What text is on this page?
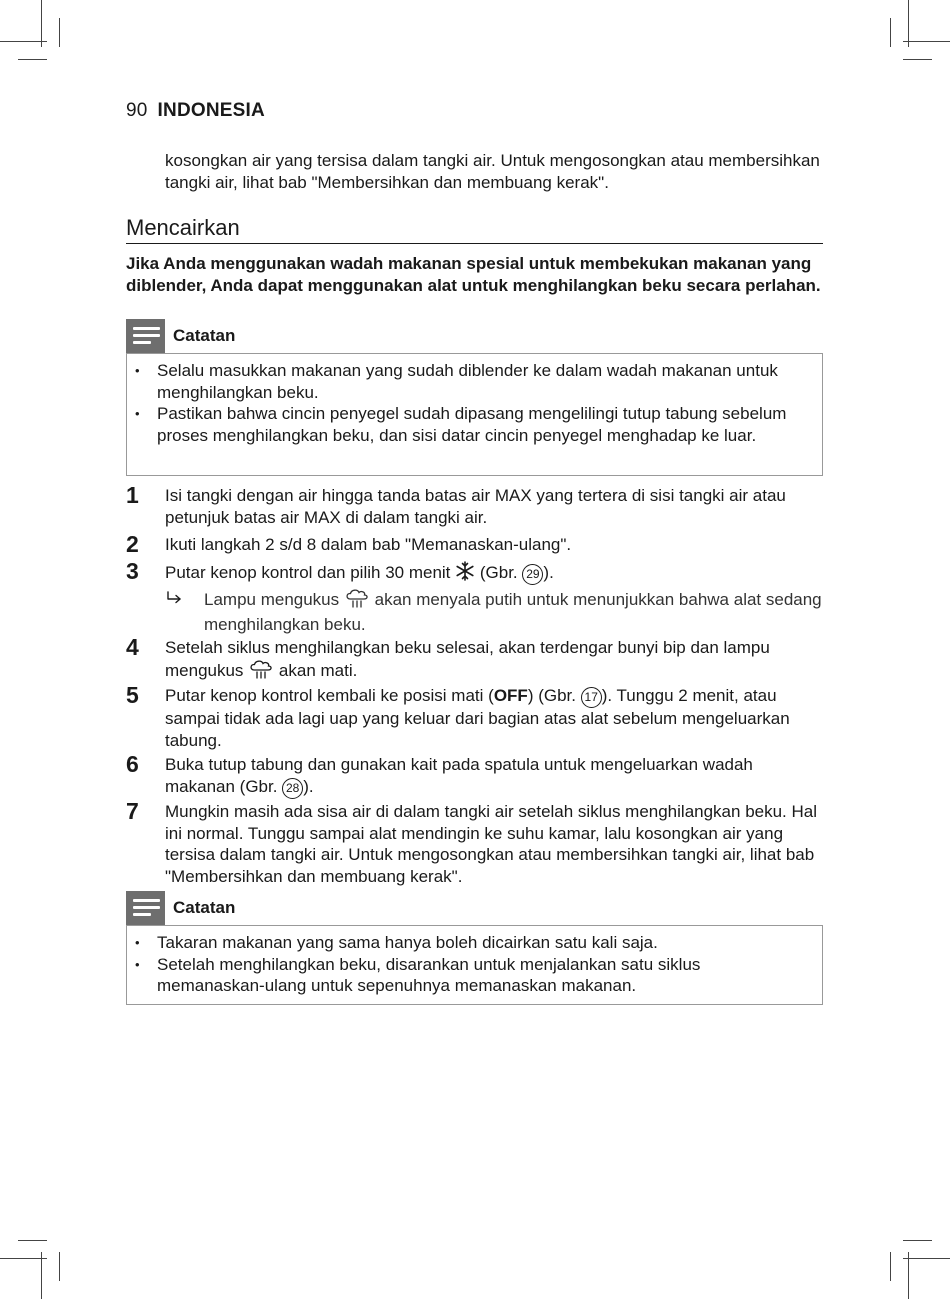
90 INDONESIA
kosongkan air yang tersisa dalam tangki air. Untuk mengosongkan atau membersihkan tangki air, lihat bab "Membersihkan dan membuang kerak".
Mencairkan
Jika Anda menggunakan wadah makanan spesial untuk membekukan makanan yang diblender, Anda dapat menggunakan alat untuk menghilangkan beku secara perlahan.
Catatan
• Selalu masukkan makanan yang sudah diblender ke dalam wadah makanan untuk menghilangkan beku.
• Pastikan bahwa cincin penyegel sudah dipasang mengelilingi tutup tabung sebelum proses menghilangkan beku, dan sisi datar cincin penyegel menghadap ke luar.
1 Isi tangki dengan air hingga tanda batas air MAX yang tertera di sisi tangki air atau petunjuk batas air MAX di dalam tangki air.
2 Ikuti langkah 2 s/d 8 dalam bab "Memanaskan-ulang".
3 Putar kenop kontrol dan pilih 30 menit (Gbr. 29 ).
Lampu mengukus akan menyala putih untuk menunjukkan bahwa alat sedang menghilangkan beku.
4 Setelah siklus menghilangkan beku selesai, akan terdengar bunyi bip dan lampu mengukus akan mati.
5 Putar kenop kontrol kembali ke posisi mati (OFF) (Gbr. 17 ). Tunggu 2 menit, atau sampai tidak ada lagi uap yang keluar dari bagian atas alat sebelum mengeluarkan tabung.
6 Buka tutup tabung dan gunakan kait pada spatula untuk mengeluarkan wadah makanan (Gbr. 28 ).
7 Mungkin masih ada sisa air di dalam tangki air setelah siklus menghilangkan beku. Hal ini normal. Tunggu sampai alat mendingin ke suhu kamar, lalu kosongkan air yang tersisa dalam tangki air. Untuk mengosongkan atau membersihkan tangki air, lihat bab "Membersihkan dan membuang kerak".
Catatan
• Takaran makanan yang sama hanya boleh dicairkan satu kali saja.
• Setelah menghilangkan beku, disarankan untuk menjalankan satu siklus memanaskan-ulang untuk sepenuhnya memanaskan makanan.
